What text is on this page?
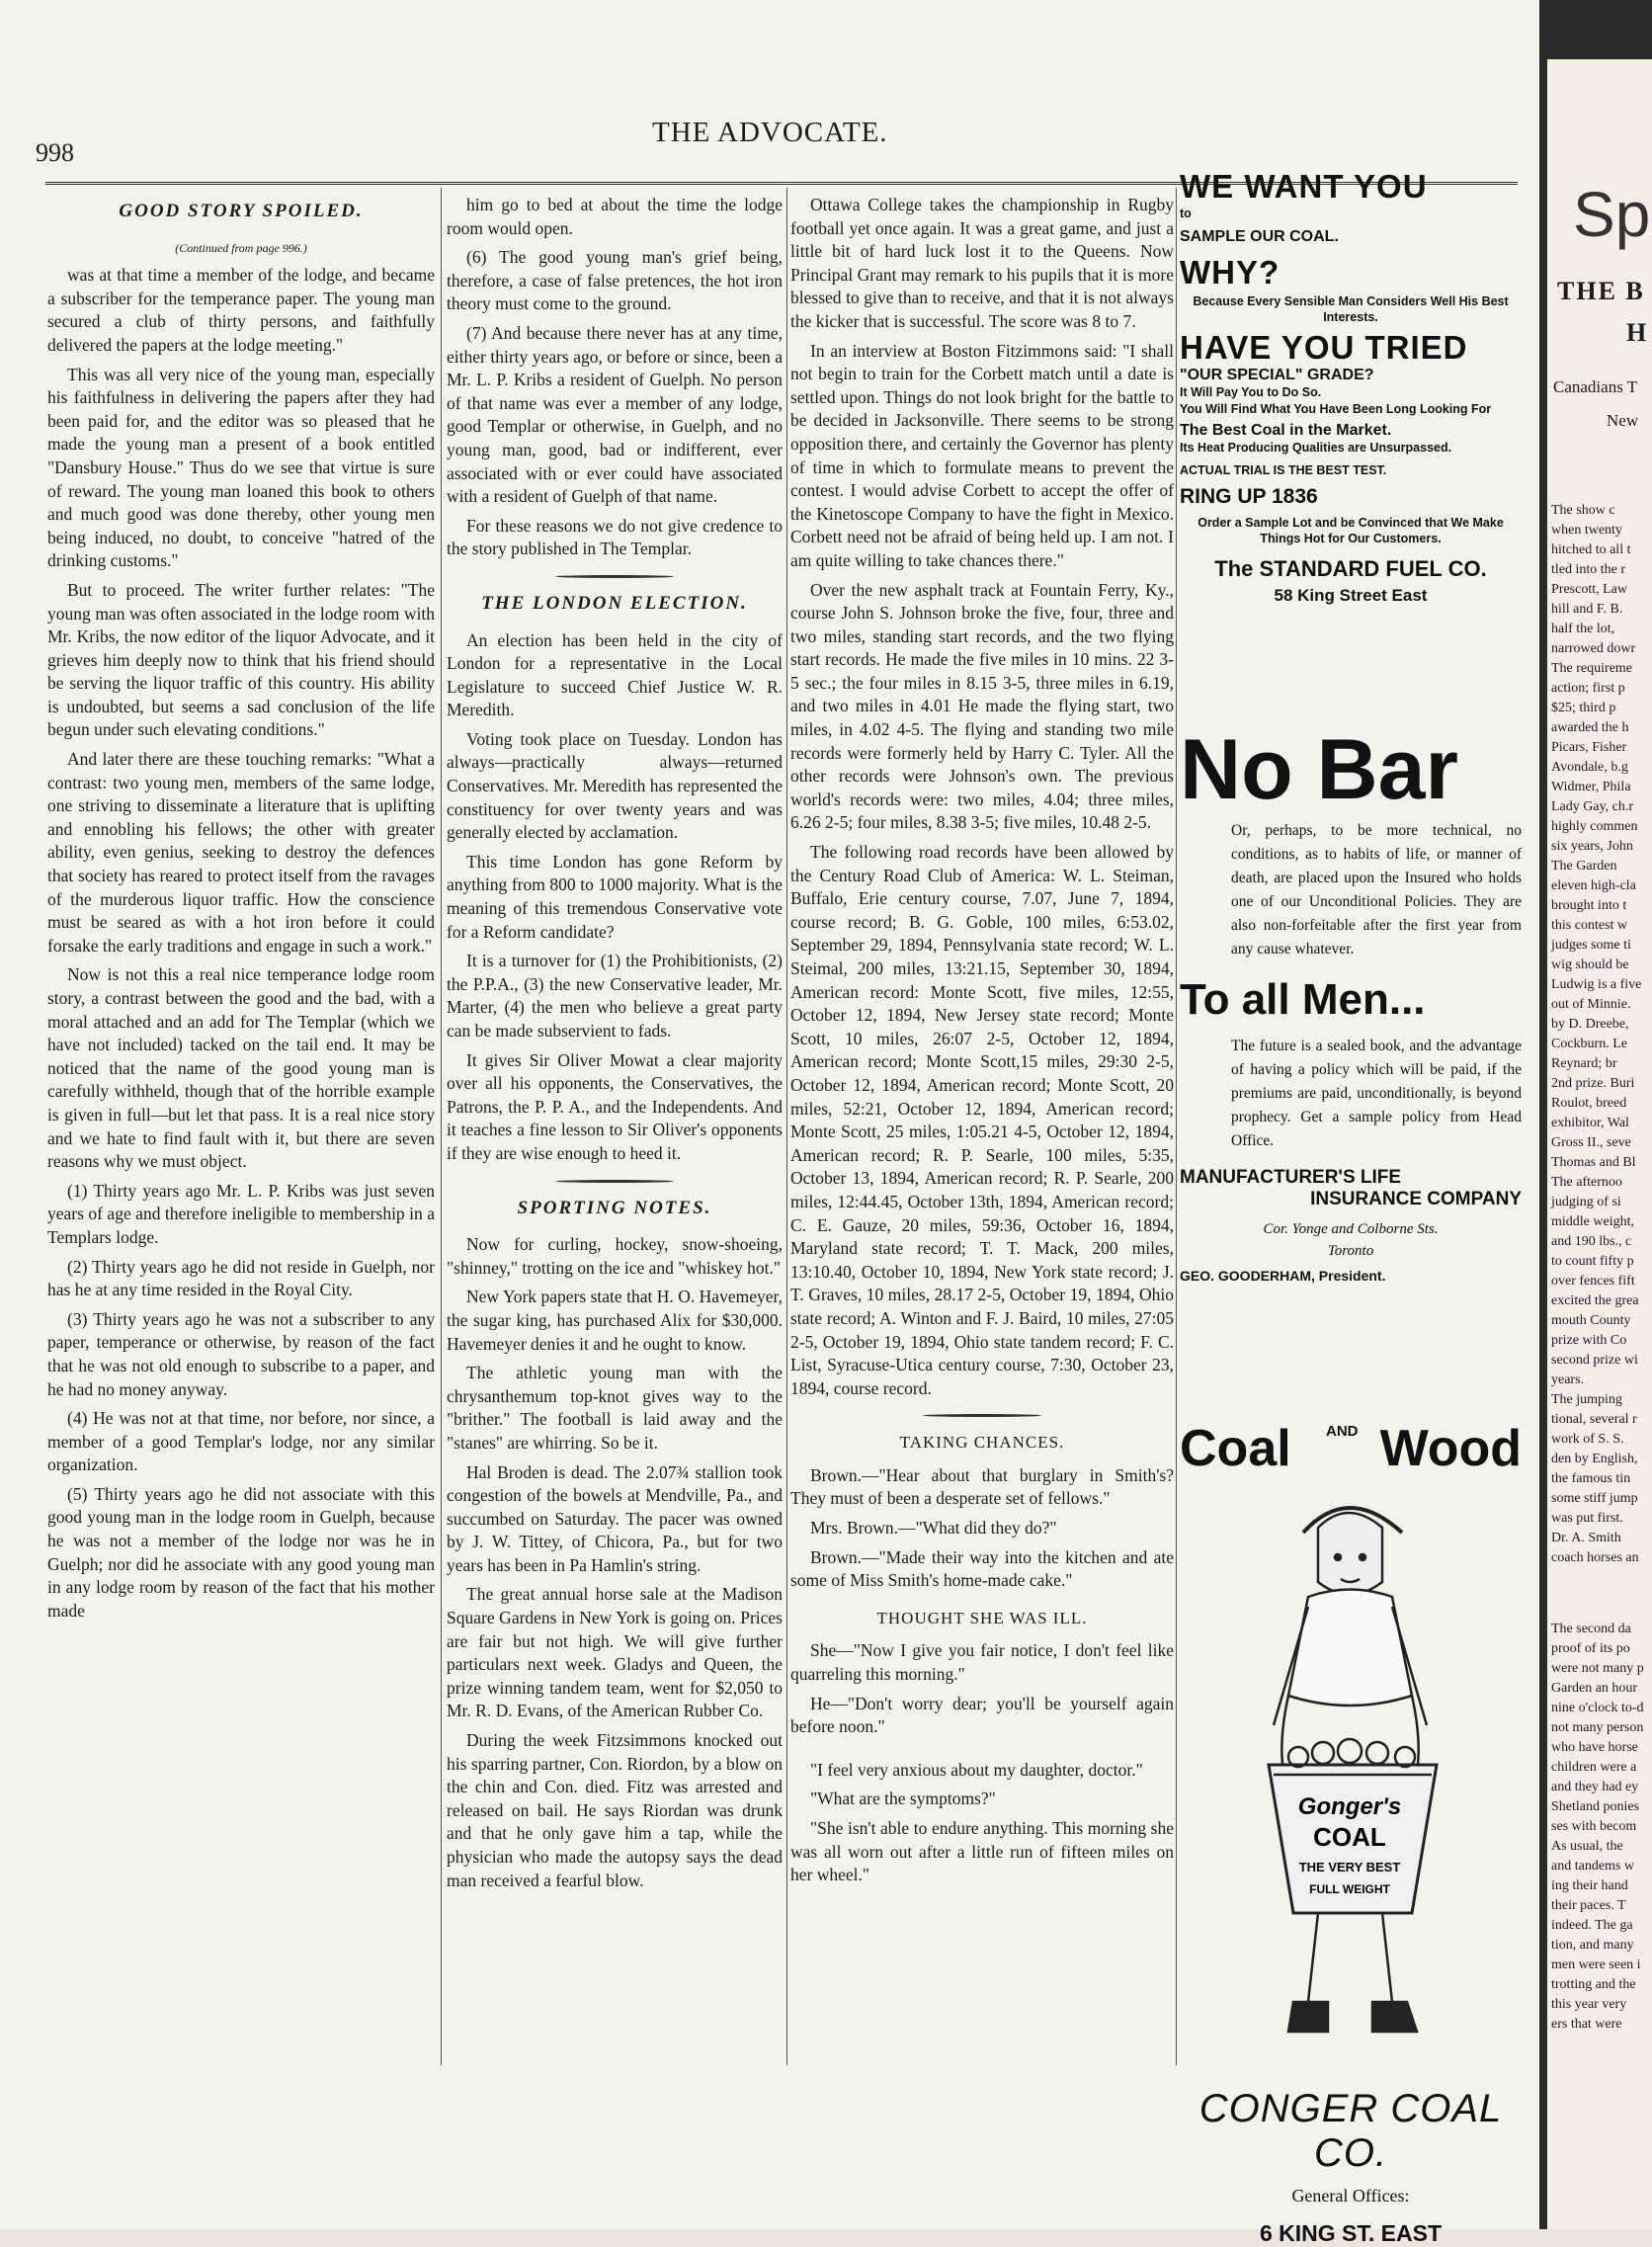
998
THE ADVOCATE.
GOOD STORY SPOILED.
(Continued from page 996.)

was at that time a member of the lodge, and became a subscriber for the temperance paper. The young man secured a club of thirty persons, and faithfully delivered the papers at the lodge meeting."

This was all very nice of the young man, especially his faithfulness in delivering the papers after they had been paid for, and the editor was so pleased that he made the young man a present of a book entitled "Dansbury House." Thus do we see that virtue is sure of reward. The young man loaned this book to others and much good was done thereby, other young men being induced, no doubt, to conceive "hatred of the drinking customs."

But to proceed. The writer further relates: "The young man was often associated in the lodge room with Mr. Kribs, the now editor of the liquor Advocate, and it grieves him deeply now to think that his friend should be serving the liquor traffic of this country. His ability is undoubted, but seems a sad conclusion of the life begun under such elevating conditions."

And later there are these touching remarks: "What a contrast: two young men, members of the same lodge, one striving to disseminate a literature that is uplifting and ennobling his fellows; the other with greater ability, even genius, seeking to destroy the defences that society has reared to protect itself from the ravages of the murderous liquor traffic. How the conscience must be seared as with a hot iron before it could forsake the early traditions and engage in such a work."

Now is not this a real nice temperance lodge room story, a contrast between the good and the bad, with a moral attached and an add for The Templar (which we have not included) tacked on the tail end. It may be noticed that the name of the good young man is carefully withheld, though that of the horrible example is given in full—but let that pass. It is a real nice story and we hate to find fault with it, but there are seven reasons why we must object.

(1) Thirty years ago Mr. L. P. Kribs was just seven years of age and therefore ineligible to membership in a Templars lodge.

(2) Thirty years ago he did not reside in Guelph, nor has he at any time resided in the Royal City.

(3) Thirty years ago he was not a subscriber to any paper, temperance or otherwise, by reason of the fact that he was not old enough to subscribe to a paper, and he had no money anyway.

(4) He was not at that time, nor before, nor since, a member of a good Templar's lodge, nor any similar organization.

(5) Thirty years ago he did not associate with this good young man in the lodge room in Guelph, because he was not a member of the lodge nor was he in Guelph; nor did he associate with any good young man in any lodge room by reason of the fact that his mother made

him go to bed at about the time the lodge room would open.

(6) The good young man's grief being, therefore, a case of false pretences, the hot iron theory must come to the ground.

(7) And because there never has at any time, either thirty years ago, or before or since, been a Mr. L. P. Kribs a resident of Guelph. No person of that name was ever a member of any lodge, good Templar or otherwise, in Guelph, and no young man, good, bad or indifferent, ever associated with or ever could have associated with a resident of Guelph of that name.

For these reasons we do not give credence to the story published in The Templar.

THE LONDON ELECTION.

An election has been held in the city of London for a representative in the Local Legislature to succeed Chief Justice W. R. Meredith.

Voting took place on Tuesday. London has always—practically always—returned Conservatives. Mr. Meredith has represented the constituency for over twenty years and was generally elected by acclamation.

This time London has gone Reform by anything from 800 to 1000 majority. What is the meaning of this tremendous Conservative vote for a Reform candidate?

It is a turnover for (1) the Prohibitionists, (2) the P.P.A., (3) the new Conservative leader, Mr. Marter, (4) the men who believe a great party can be made subservient to fads.

It gives Sir Oliver Mowat a clear majority over all his opponents, the Conservatives, the Patrons, the P. P. A., and the Independents. And it teaches a fine lesson to Sir Oliver's opponents if they are wise enough to heed it.

SPORTING NOTES.

Now for curling, hockey, snow-shoeing, "shinney," trotting on the ice and "whiskey hot."

New York papers state that H. O. Havemeyer, the sugar king, has purchased Alix for $30,000. Havemeyer denies it and he ought to know.

The athletic young man with the chrysanthemum top-knot gives way to the "brither." The football is laid away and the "stanes" are whirring. So be it.

Hal Broden is dead. The 2.07¾ stallion took congestion of the bowels at Mendville, Pa., and succumbed on Saturday. The pacer was owned by J. W. Tittey, of Chicora, Pa., but for two years has been in Pa Hamlin's string.

The great annual horse sale at the Madison Square Gardens in New York is going on. Prices are fair but not high. We will give further particulars next week. Gladys and Queen, the prize winning tandem team, went for $2,050 to Mr. R. D. Evans, of the American Rubber Co.

During the week Fitzsimmons knocked out his sparring partner, Con. Riordon, by a blow on the chin and Con. died. Fitz was arrested and released on bail. He says Riordan was drunk and that he only gave him a tap, while the physician who made the autopsy says the dead man received a fearful blow.

Ottawa College takes the championship in Rugby football yet once again. It was a great game, and just a little bit of hard luck lost it to the Queens. Now Principal Grant may remark to his pupils that it is more blessed to give than to receive, and that it is not always the kicker that is successful. The score was 8 to 7.

In an interview at Boston Fitzimmons said: "I shall not begin to train for the Corbett match until a date is settled upon. Things do not look bright for the battle to be decided in Jacksonville. There seems to be strong opposition there, and certainly the Governor has plenty of time in which to formulate means to prevent the contest. I would advise Corbett to accept the offer of the Kinetoscope Company to have the fight in Mexico. Corbett need not be afraid of being held up. I am not. I am quite willing to take chances there."

Over the new asphalt track at Fountain Ferry, Ky., course John S. Johnson broke the five, four, three and two miles, standing start records, and the two flying start records. He made the five miles in 10 mins. 22 3-5 sec.; the four miles in 8.15 3-5, three miles in 6.19, and two miles in 4.01 He made the flying start, two miles, in 4.02 4-5. The flying and standing two mile records were formerly held by Harry C. Tyler. All the other records were Johnson's own. The previous world's records were: two miles, 4.04; three miles, 6.26 2-5; four miles, 8.38 3-5; five miles, 10.48 2-5.

The following road records have been allowed by the Century Road Club of America: W. L. Steiman, Buffalo, Erie century course, 7.07, June 7, 1894, course record; B. G. Goble, 100 miles, 6:53.02, September 29, 1894, Pennsylvania state record; W. L. Steimal, 200 miles, 13:21.15, September 30, 1894, American record: Monte Scott, five miles, 12:55, October 12, 1894, New Jersey state record; Monte Scott, 10 miles, 26:07 2-5, October 12, 1894, American record; Monte Scott,15 miles, 29:30 2-5, October 12, 1894, American record; Monte Scott, 20 miles, 52:21, October 12, 1894, American record; Monte Scott, 25 miles, 1:05.21 4-5, October 12, 1894, American record; R. P. Searle, 100 miles, 5:35, October 13, 1894, American record; R. P. Searle, 200 miles, 12:44.45, October 13th, 1894, American record; C. E. Gauze, 20 miles, 59:36, October 16, 1894, Maryland state record; T. T. Mack, 200 miles, 13:10.40, October 10, 1894, New York state record; J. T. Graves, 10 miles, 28.17 2-5, October 19, 1894, Ohio state record; A. Winton and F. J. Baird, 10 miles, 27:05 2-5, October 19, 1894, Ohio state tandem record; F. C. List, Syracuse-Utica century course, 7:30, October 23, 1894, course record.

TAKING CHANCES.

Brown.—"Hear about that burglary in Smith's? They must of been a desperate set of fellows."

Mrs. Brown.—"What did they do?"

Brown.—"Made their way into the kitchen and ate some of Miss Smith's home-made cake."

THOUGHT SHE WAS ILL.

She—"Now I give you fair notice, I don't feel like quarreling this morning."

He—"Don't worry dear; you'll be yourself again before noon."

"I feel very anxious about my daughter, doctor."

"What are the symptoms?"

"She isn't able to endure anything. This morning she was all worn out after a little run of fifteen miles on her wheel."

WE WANT YOU
to
SAMPLE OUR COAL.
WHY?
Because Every Sensible Man Considers Well His Best Interests.
HAVE YOU TRIED
"OUR SPECIAL" GRADE?
It Will Pay You to Do So.
You Will Find What You Have Been Long Looking For
The Best Coal in the Market.
Its Heat Producing Qualities are Unsurpassed.
ACTUAL TRIAL IS THE BEST TEST.
RING UP 1836
Order a Sample Lot and be Convinced that We Make Things Hot for Our Customers.
The STANDARD FUEL CO.
58 King Street East
No Bar
Or, perhaps, to be more technical, no conditions, as to habits of life, or manner of death, are placed upon the Insured who holds one of our Unconditional Policies. They are also non-forfeitable after the first year from any cause whatever.
To all Men...
The future is a sealed book, and the advantage of having a policy which will be paid, if the premiums are paid, unconditionally, is beyond prophecy. Get a sample policy from Head Office.
MANUFACTURER'S LIFE
INSURANCE COMPANY
Cor. Yonge and Colborne Sts.
Toronto
GEO. GOODERHAM, President.
Coal AND Wood
Gonger's
COAL
THE VERY BEST
FULL WEIGHT
CONGER COAL CO.
General Offices:
6 KING ST. EAST
Sp
THE B
H
Canadians T
New
The show c
when twenty
hitched to all t
tled into the r
Prescott, Law
hill and F. B.
half the lot,
narrowed dowr
The requireme
action; first p
$25; third p
awarded the h
Picars, Fisher
Avondale, b.g
Widmer, Phila
Lady Gay, ch.r
highly commen
six years, John
The Garden
eleven high-cla
brought into t
this contest w
judges some ti
wig should be
Ludwig is a five
out of Minnie.
by D. Dreebe,
Cockburn. Le
Reynard; br
2nd prize. Buri
Roulot, breed
exhibitor, Wal
Gross II., seve
Thomas and Bl
The afternoo
judging of si
middle weight,
and 190 lbs., c
to count fifty p
over fences fift
excited the grea
mouth County
prize with Co
second prize wi
years.
The jumping
tional, several r
work of S. S.
den by English,
the famous tin
some stiff jump
was put first.
Dr. A. Smith
coach horses an
The second da
proof of its po
were not many p
Garden an hour
nine o'clock to-d
not many person
who have horse
children were a
and they had ey
Shetland ponies
ses with becom
As usual, the
and tandems w
ing their hand
their paces. T
indeed. The ga
tion, and many
men were seen i
trotting and the
this year very
ers that were
